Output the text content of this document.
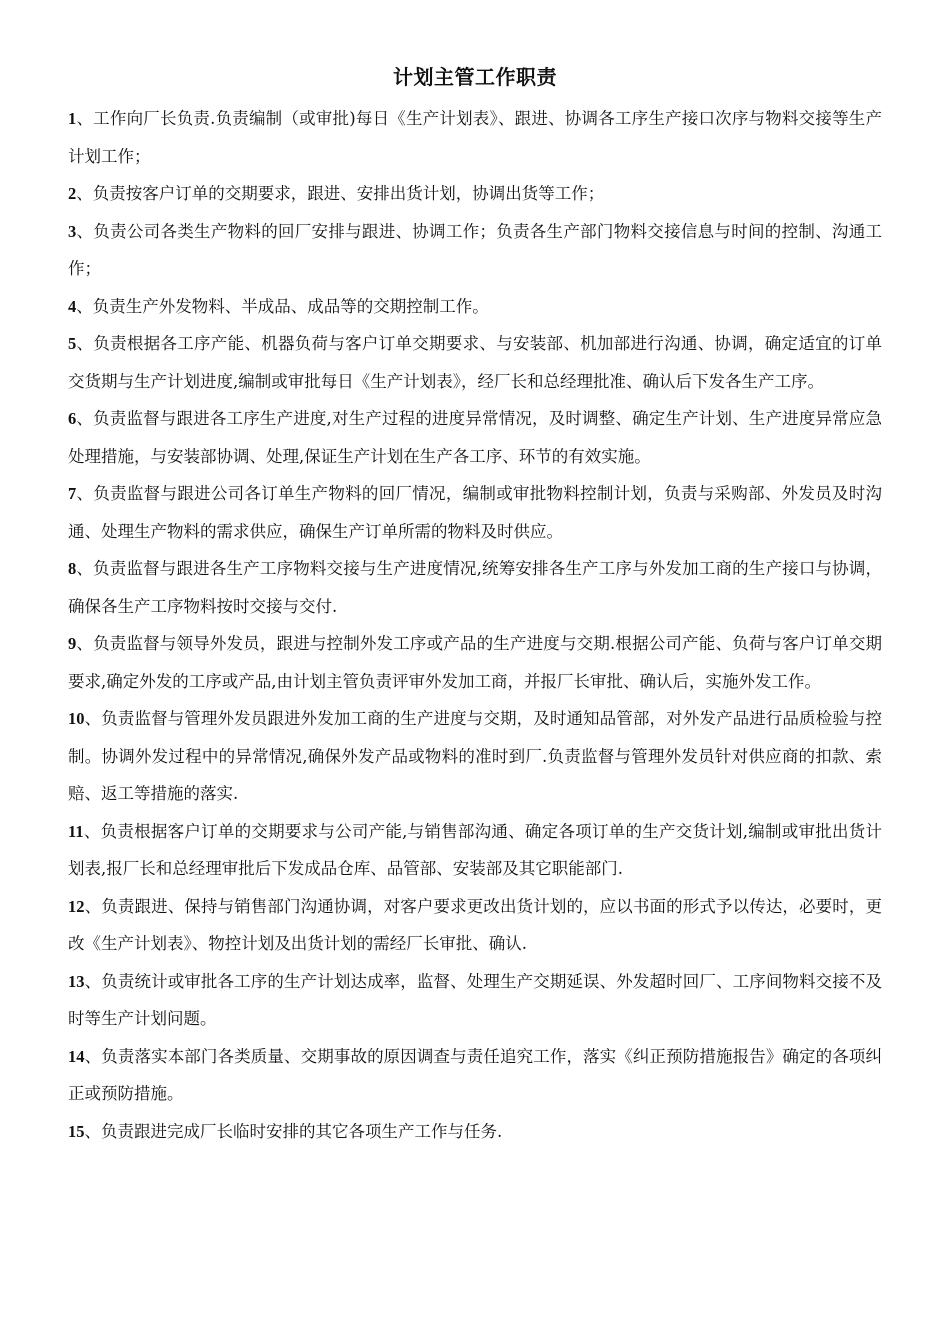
计划主管工作职责
1、工作向厂长负责.负责编制（或审批)每日《生产计划表》、跟进、协调各工序生产接口次序与物料交接等生产计划工作；
2、负责按客户订单的交期要求，跟进、安排出货计划，协调出货等工作；
3、负责公司各类生产物料的回厂安排与跟进、协调工作；负责各生产部门物料交接信息与时间的控制、沟通工作；
4、负责生产外发物料、半成品、成品等的交期控制工作。
5、负责根据各工序产能、机器负荷与客户订单交期要求、与安装部、机加部进行沟通、协调，确定适宜的订单交货期与生产计划进度,编制或审批每日《生产计划表》，经厂长和总经理批准、确认后下发各生产工序。
6、负责监督与跟进各工序生产进度,对生产过程的进度异常情况，及时调整、确定生产计划、生产进度异常应急处理措施，与安装部协调、处理,保证生产计划在生产各工序、环节的有效实施。
7、负责监督与跟进公司各订单生产物料的回厂情况，编制或审批物料控制计划，负责与采购部、外发员及时沟通、处理生产物料的需求供应，确保生产订单所需的物料及时供应。
8、负责监督与跟进各生产工序物料交接与生产进度情况,统筹安排各生产工序与外发加工商的生产接口与协调，确保各生产工序物料按时交接与交付.
9、负责监督与领导外发员，跟进与控制外发工序或产品的生产进度与交期.根据公司产能、负荷与客户订单交期要求,确定外发的工序或产品,由计划主管负责评审外发加工商，并报厂长审批、确认后，实施外发工作。
10、负责监督与管理外发员跟进外发加工商的生产进度与交期，及时通知品管部，对外发产品进行品质检验与控制。协调外发过程中的异常情况,确保外发产品或物料的准时到厂.负责监督与管理外发员针对供应商的扣款、索赔、返工等措施的落实.
11、负责根据客户订单的交期要求与公司产能,与销售部沟通、确定各项订单的生产交货计划,编制或审批出货计划表,报厂长和总经理审批后下发成品仓库、品管部、安装部及其它职能部门.
12、负责跟进、保持与销售部门沟通协调，对客户要求更改出货计划的，应以书面的形式予以传达，必要时，更改《生产计划表》、物控计划及出货计划的需经厂长审批、确认.
13、负责统计或审批各工序的生产计划达成率，监督、处理生产交期延误、外发超时回厂、工序间物料交接不及时等生产计划问题。
14、负责落实本部门各类质量、交期事故的原因调查与责任追究工作，落实《纠正预防措施报告》确定的各项纠正或预防措施。
15、负责跟进完成厂长临时安排的其它各项生产工作与任务.
